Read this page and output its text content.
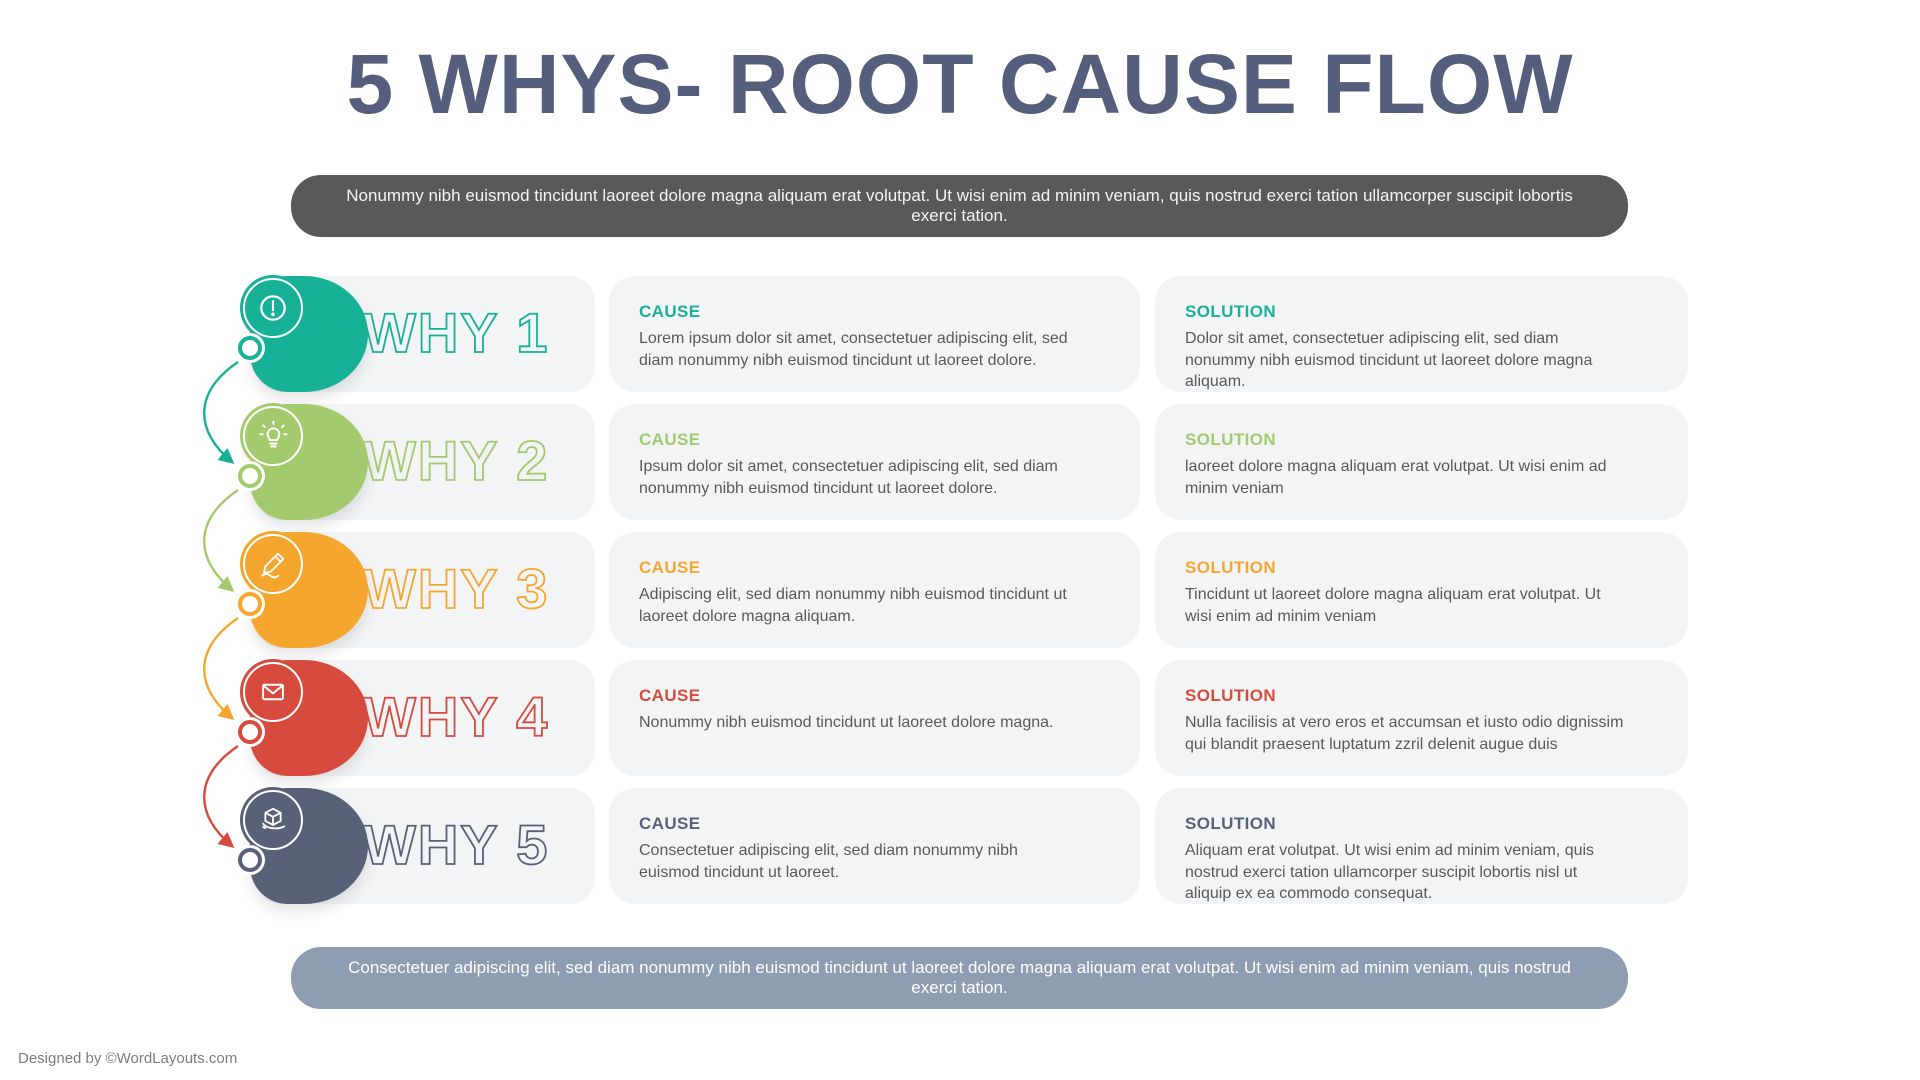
5 WHYS- ROOT CAUSE FLOW
Nonummy nibh euismod tincidunt laoreet dolore magna aliquam erat volutpat. Ut wisi enim ad minim veniam, quis nostrud exerci tation ullamcorper suscipit lobortis exerci tation.
WHY 1	CAUSE

Lorem ipsum dolor sit amet, consectetuer adipiscing elit, sed diam nonummy nibh euismod tincidunt ut laoreet dolore.

SOLUTION

Dolor sit amet, consectetuer adipiscing elit, sed diam nonummy nibh euismod tincidunt ut laoreet dolore magna aliquam.

WHY 2	CAUSE

Ipsum dolor sit amet, consectetuer adipiscing elit, sed diam nonummy nibh euismod tincidunt ut laoreet dolore.

SOLUTION

laoreet dolore magna aliquam erat volutpat. Ut wisi enim ad minim veniam

WHY 3	CAUSE

Adipiscing elit, sed diam nonummy nibh euismod tincidunt ut laoreet dolore magna aliquam.

SOLUTION

Tincidunt ut laoreet dolore magna aliquam erat volutpat. Ut wisi enim ad minim veniam

WHY 4	CAUSE

Nonummy nibh euismod tincidunt ut laoreet dolore magna.

SOLUTION

Nulla facilisis at vero eros et accumsan et iusto odio dignissim qui blandit praesent luptatum zzril delenit augue duis

WHY 5	CAUSE

Consectetuer adipiscing elit, sed diam nonummy nibh euismod tincidunt ut laoreet.

SOLUTION

Aliquam erat volutpat. Ut wisi enim ad minim veniam, quis nostrud exerci tation ullamcorper suscipit lobortis nisl ut aliquip ex ea commodo consequat.

Consectetuer adipiscing elit, sed diam nonummy nibh euismod tincidunt ut laoreet dolore magna aliquam erat volutpat. Ut wisi enim ad minim veniam, quis nostrud exerci tation.
Designed by ©WordLayouts.com
